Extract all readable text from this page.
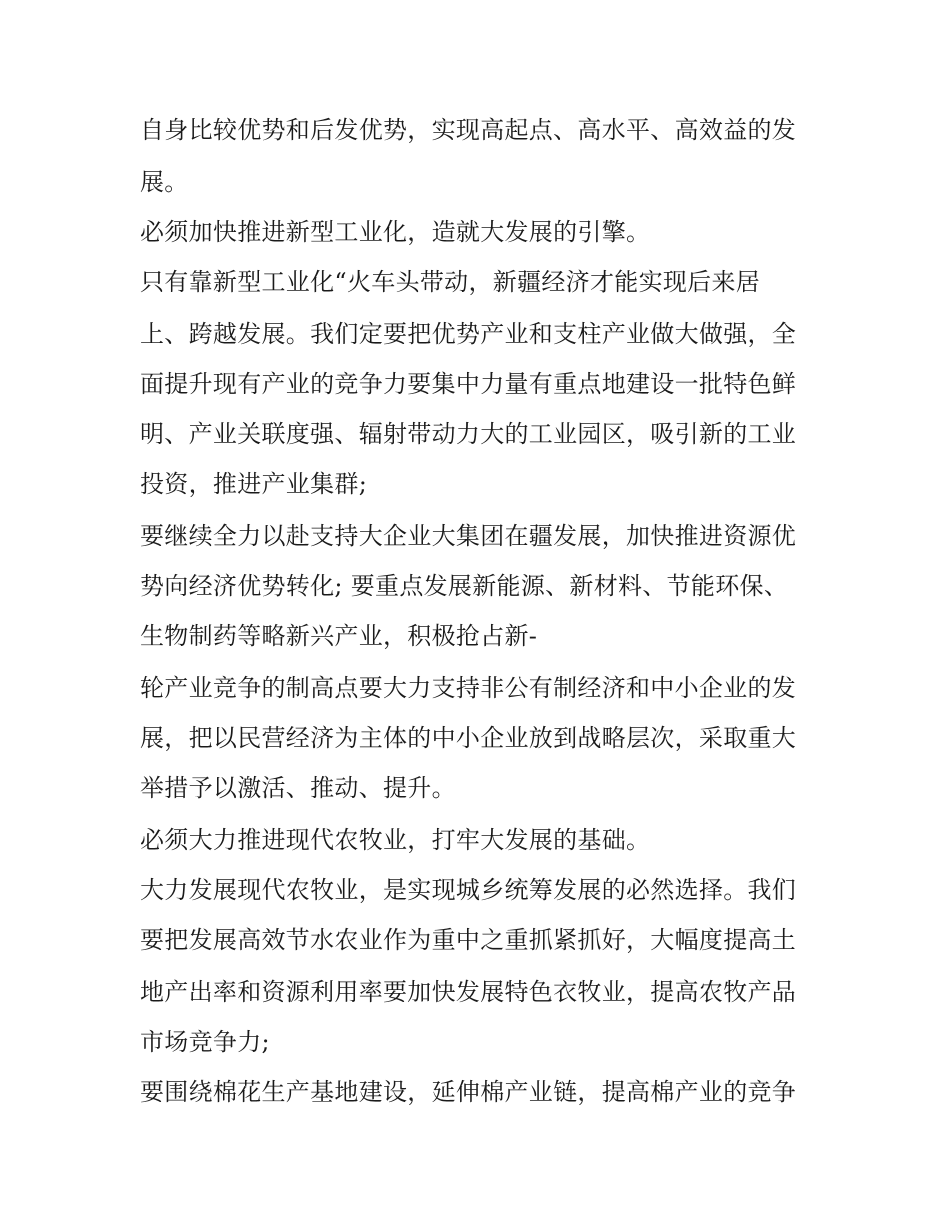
自身比较优势和后发优势，实现高起点、高水平、高效益的发
展。
必须加快推进新型工业化，造就大发展的引擎。
只有靠新型工业化“火车头带动，新疆经济才能实现后来居
上、跨越发展。我们定要把优势产业和支柱产业做大做强，全
面提升现有产业的竞争力要集中力量有重点地建设一批特色鲜
明、产业关联度强、辐射带动力大的工业园区，吸引新的工业
投资，推进产业集群;
要继续全力以赴支持大企业大集团在疆发展，加快推进资源优
势向经济优势转化; 要重点发展新能源、新材料、节能环保、
生物制药等略新兴产业，积极抢占新-
轮产业竞争的制高点要大力支持非公有制经济和中小企业的发
展，把以民营经济为主体的中小企业放到战略层次，采取重大
举措予以激活、推动、提升。
必须大力推进现代农牧业，打牢大发展的基础。
大力发展现代农牧业，是实现城乡统筹发展的必然选择。我们
要把发展高效节水农业作为重中之重抓紧抓好，大幅度提高土
地产出率和资源利用率要加快发展特色衣牧业，提高农牧产品
市场竞争力;
要围绕棉花生产基地建设，延伸棉产业链，提高棉产业的竞争
